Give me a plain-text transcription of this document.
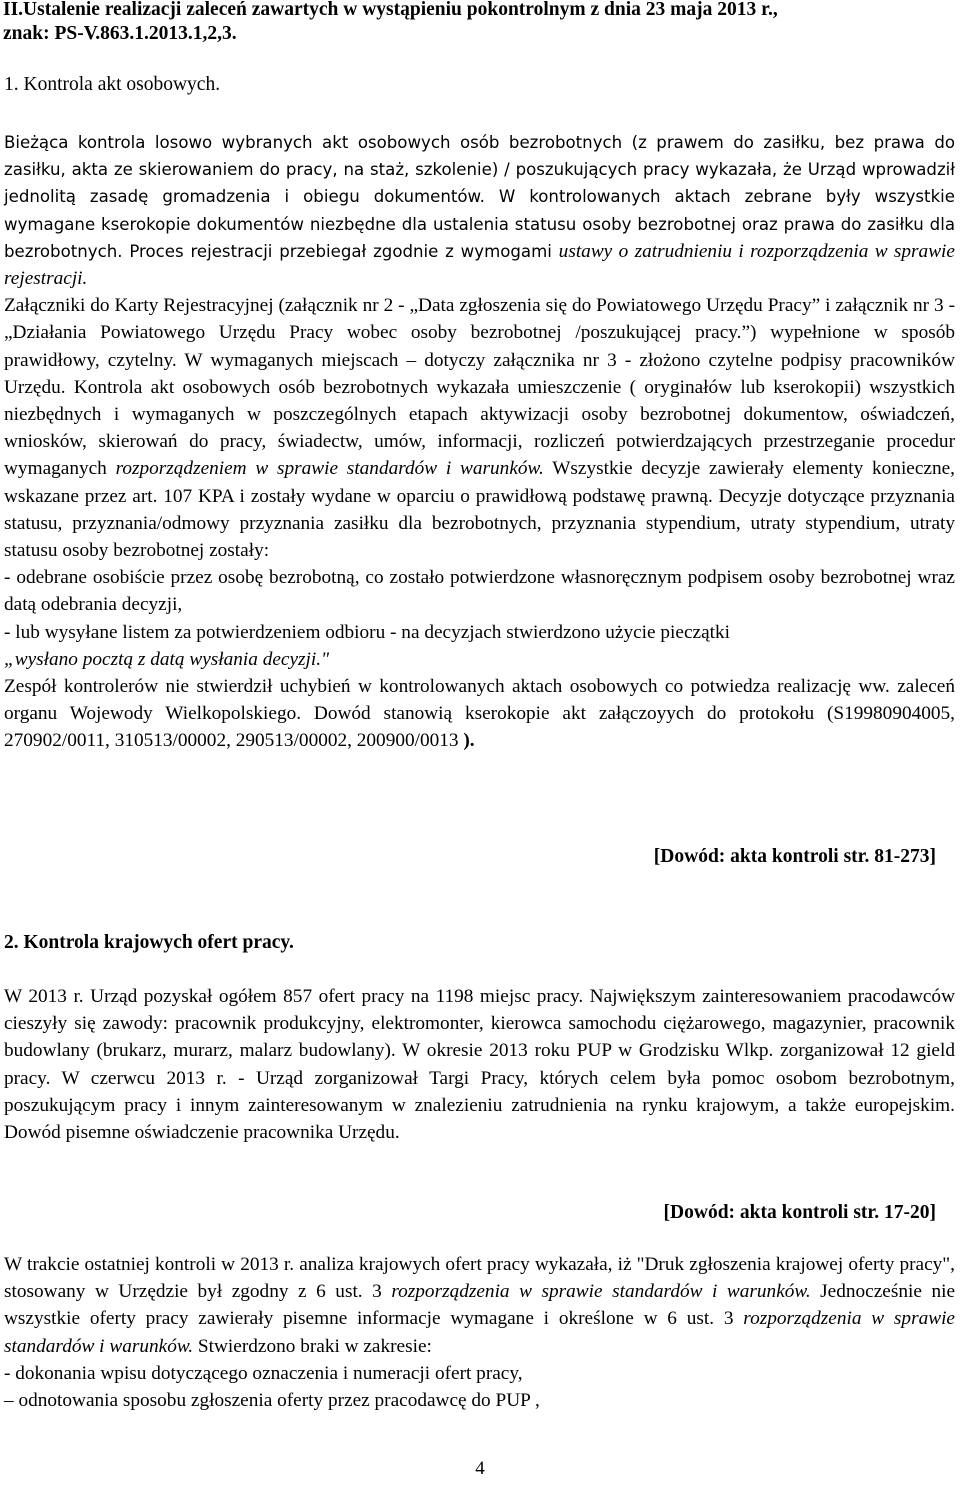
II.Ustalenie realizacji zaleceń zawartych w wystąpieniu pokontrolnym z dnia 23 maja 2013 r.,
znak: PS-V.863.1.2013.1,2,3.
1. Kontrola akt osobowych.

Bieżąca kontrola losowo wybranych akt osobowych osób bezrobotnych (z prawem do zasiłku, bez prawa do zasiłku, akta ze skierowaniem do pracy, na staż, szkolenie) / poszukujących pracy wykazała, że Urząd wprowadził jednolitą zasadę gromadzenia i obiegu dokumentów. W kontrolowanych aktach zebrane były wszystkie wymagane kserokopie dokumentów niezbędne dla ustalenia statusu osoby bezrobotnej oraz prawa do zasiłku dla bezrobotnych. Proces rejestracji przebiegał zgodnie z wymogami ustawy o zatrudnieniu i rozporządzenia w sprawie rejestracji.

Załączniki do Karty Rejestracyjnej (załącznik nr 2 - „Data zgłoszenia się do Powiatowego Urzędu Pracy” i załącznik nr 3 - „Działania Powiatowego Urzędu Pracy wobec osoby bezrobotnej /poszukującej pracy.”) wypełnione w sposób prawidłowy, czytelny. W wymaganych miejscach – dotyczy załącznika nr 3 - złożono czytelne podpisy pracowników Urzędu. Kontrola akt osobowych osób bezrobotnych wykazała umieszczenie ( oryginałów lub kserokopii) wszystkich niezbędnych i wymaganych w poszczególnych etapach aktywizacji osoby bezrobotnej dokumentow, oświadczeń, wniosków, skierowań do pracy, świadectw, umów, informacji, rozliczeń potwierdzających przestrzeganie procedur wymaganych rozporządzeniem w sprawie standardów i warunków. Wszystkie decyzje zawierały elementy konieczne, wskazane przez art. 107 KPA i zostały wydane w oparciu o prawidłową podstawę prawną. Decyzje dotyczące przyznania statusu, przyznania/odmowy przyznania zasiłku dla bezrobotnych, przyznania stypendium, utraty stypendium, utraty statusu osoby bezrobotnej zostały:

- odebrane osobiście przez osobę bezrobotną, co zostało potwierdzone własnoręcznym podpisem osoby bezrobotnej wraz datą odebrania decyzji,

- lub wysyłane listem za potwierdzeniem odbioru - na decyzjach stwierdzono użycie pieczątki
„wysłano pocztą z datą wysłania decyzji."

Zespół kontrolerów nie stwierdził uchybień w kontrolowanych aktach osobowych co potwiedza realizację ww. zaleceń organu Wojewody Wielkopolskiego. Dowód stanowią kserokopie akt załączoyych do protokołu (S19980904005, 270902/0011, 310513/00002, 290513/00002, 200900/0013 ).

[Dowód: akta kontroli str. 81-273]
2. Kontrola krajowych ofert pracy.

W 2013 r. Urząd pozyskał ogółem 857 ofert pracy na 1198 miejsc pracy. Największym zainteresowaniem pracodawców cieszyły się zawody: pracownik produkcyjny, elektromonter, kierowca samochodu ciężarowego, magazynier, pracownik budowlany (brukarz, murarz, malarz budowlany). W okresie 2013 roku PUP w Grodzisku Wlkp. zorganizował 12 gield pracy. W czerwcu 2013 r. - Urząd zorganizował Targi Pracy, których celem była pomoc osobom bezrobotnym, poszukującym pracy i innym zainteresowanym w znalezieniu zatrudnienia na rynku krajowym, a także europejskim. Dowód pisemne oświadczenie pracownika Urzędu.

[Dowód: akta kontroli str. 17-20]

W trakcie ostatniej kontroli w 2013 r. analiza krajowych ofert pracy wykazała, iż "Druk zgłoszenia krajowej oferty pracy", stosowany w Urzędzie był zgodny z 6 ust. 3 rozporządzenia w sprawie standardów i warunków. Jednocześnie nie wszystkie oferty pracy zawierały pisemne informacje wymagane i określone w 6 ust. 3 rozporządzenia w sprawie standardów i warunków. Stwierdzono braki w zakresie:

- dokonania wpisu dotyczącego oznaczenia i numeracji ofert pracy,

– odnotowania sposobu zgłoszenia oferty przez pracodawcę do PUP ,

4
